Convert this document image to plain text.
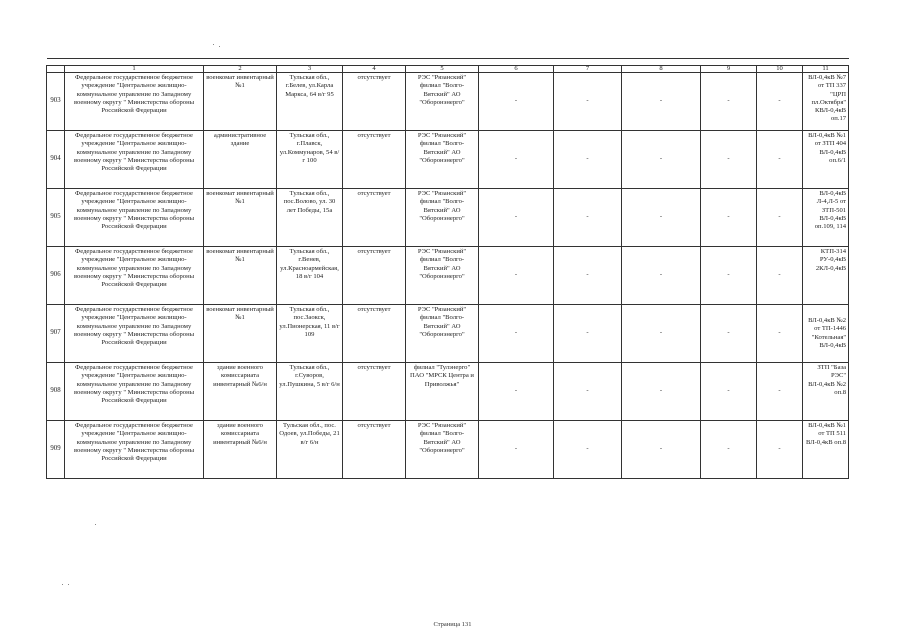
	1	2	3	4	5	6	7	8	9	10	11
903	Федеральное государственное бюджетное учреждение "Центральное жилищно-коммунальное управление по Западному военному округу " Министерства обороны Российской Федерации	военкомат инвентарный №1	Тульская обл., г.Белев, ул.Карла Маркса, 64 в/г 95	отсутствует	РЭС "Рязанский" филиал "Волго-Вятский" АО "Оборонэнерго"	-	-	-	-	-	ВЛ-0,4кВ №7 от ТП 337 "ЦРП пл.Октября" КВЛ-0,4кВ оп.17
904	Федеральное государственное бюджетное учреждение "Центральное жилищно-коммунальное управление по Западному военному округу " Министерства обороны Российской Федерации	административное здание	Тульская обл., г.Плавск, ул.Коммунаров, 54 в/г 100	отсутствует	РЭС "Рязанский" филиал "Волго-Вятский" АО "Оборонэнерго"	-	-	-	-	-	ВЛ-0,4кВ №1 от ЗТП 404 ВЛ-0,4кВ оп.6/1
905	Федеральное государственное бюджетное учреждение "Центральное жилищно-коммунальное управление по Западному военному округу " Министерства обороны Российской Федерации	военкомат инвентарный №1	Тульская обл., пос.Волово, ул. 30 лет Победы, 15а	отсутствует	РЭС "Рязанский" филиал "Волго-Вятский" АО "Оборонэнерго"	-	-	-	-	-	ВЛ-0,4кВ Л-4,Л-5 от ЗТП-501 ВЛ-0,4кВ оп.109, 114
906	Федеральное государственное бюджетное учреждение "Центральное жилищно-коммунальное управление по Западному военному округу " Министерства обороны Российской Федерации	военкомат инвентарный №1	Тульская обл., г.Венев, ул.Красноармейская, 18 в/г 104	отсутствует	РЭС "Рязанский" филиал "Волго-Вятский" АО "Оборонэнерго"	-	-	-	-	-	КТП-314 РУ-0,4кВ 2КЛ-0,4кВ
907	Федеральное государственное бюджетное учреждение "Центральное жилищно-коммунальное управление по Западному военному округу " Министерства обороны Российской Федерации	военкомат инвентарный №1	Тульская обл., пос.Заокск, ул.Пионерская, 11 в/г 109	отсутствует	РЭС "Рязанский" филиал "Волго-Вятский" АО "Оборонэнерго"	-	-	-	-	-	ВЛ-0,4кВ №2 от ТП-1446 "Котельная" ВЛ-0,4кВ
908	Федеральное государственное бюджетное учреждение "Центральное жилищно-коммунальное управление по Западному военному округу " Министерства обороны Российской Федерации	здание военного комиссариата инвентарный №6/н	Тульская обл., г.Суворов, ул.Пушкина, 5 в/г 6/н	отсутствует	филиал "Тулэнерго" ПАО "МРСК Центра и Приволжья"	-	-	-	-	-	ЗТП "База РЭС" ВЛ-0,4кВ №2 оп.8
909	Федеральное государственное бюджетное учреждение "Центральное жилищно-коммунальное управление по Западному военному округу " Министерства обороны Российской Федерации	здание военного комиссариата инвентарный №6/н	Тульская обл., пос. Одоев, ул.Победы, 21 в/г 6/н	отсутствует	РЭС "Рязанский" филиал "Волго-Вятский" АО "Оборонэнерго"	-	-	-	-	-	ВЛ-0,4кВ №1 от ТП 511 ВЛ-0,4кВ оп.8
Страница 131
